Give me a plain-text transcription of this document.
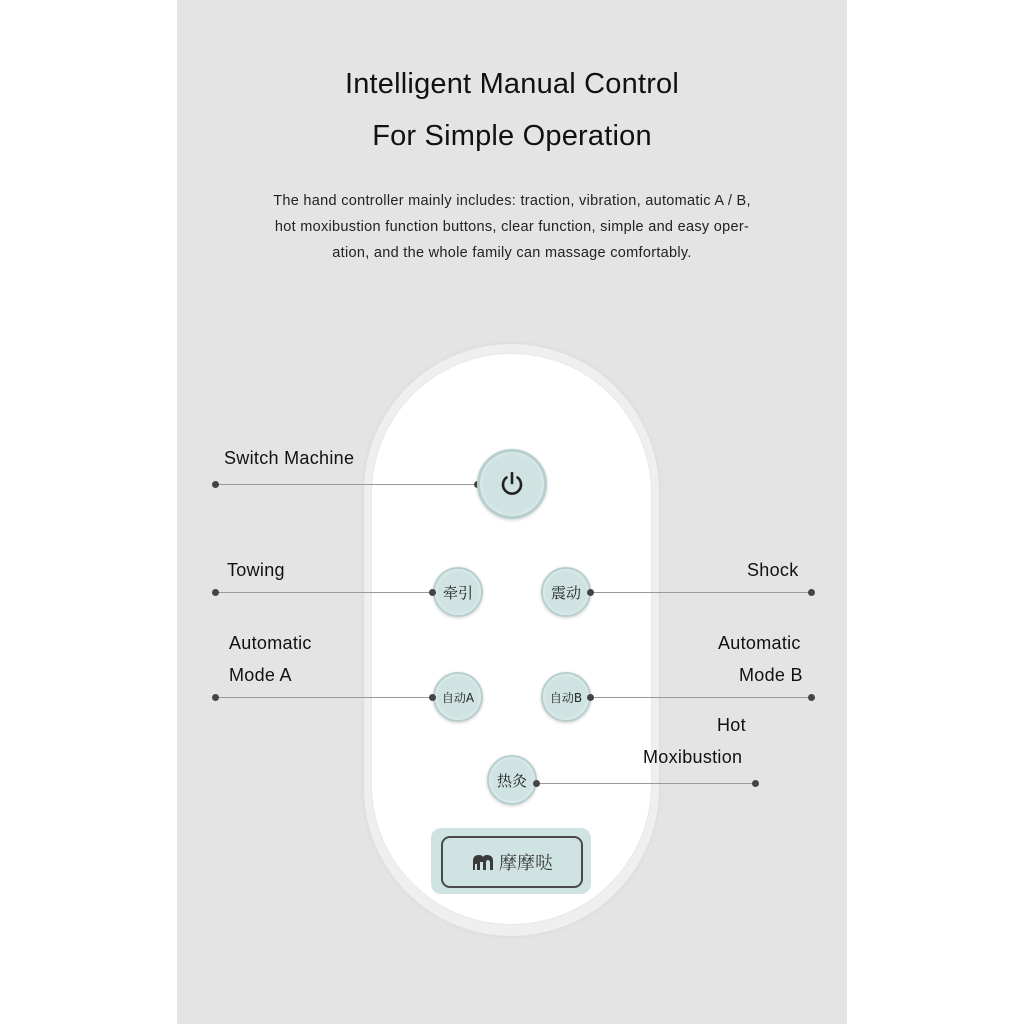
Intelligent Manual Control
For Simple Operation
The hand controller mainly includes: traction, vibration, automatic A / B,
hot moxibustion function buttons, clear function, simple and easy oper-
ation, and the whole family can massage comfortably.
牵引	震动
自动A	自动B
热灸
Switch Machine
Towing	Shock
Automatic
Mode A
Automatic
Mode B
Hot
Moxibustion
摩摩哒
